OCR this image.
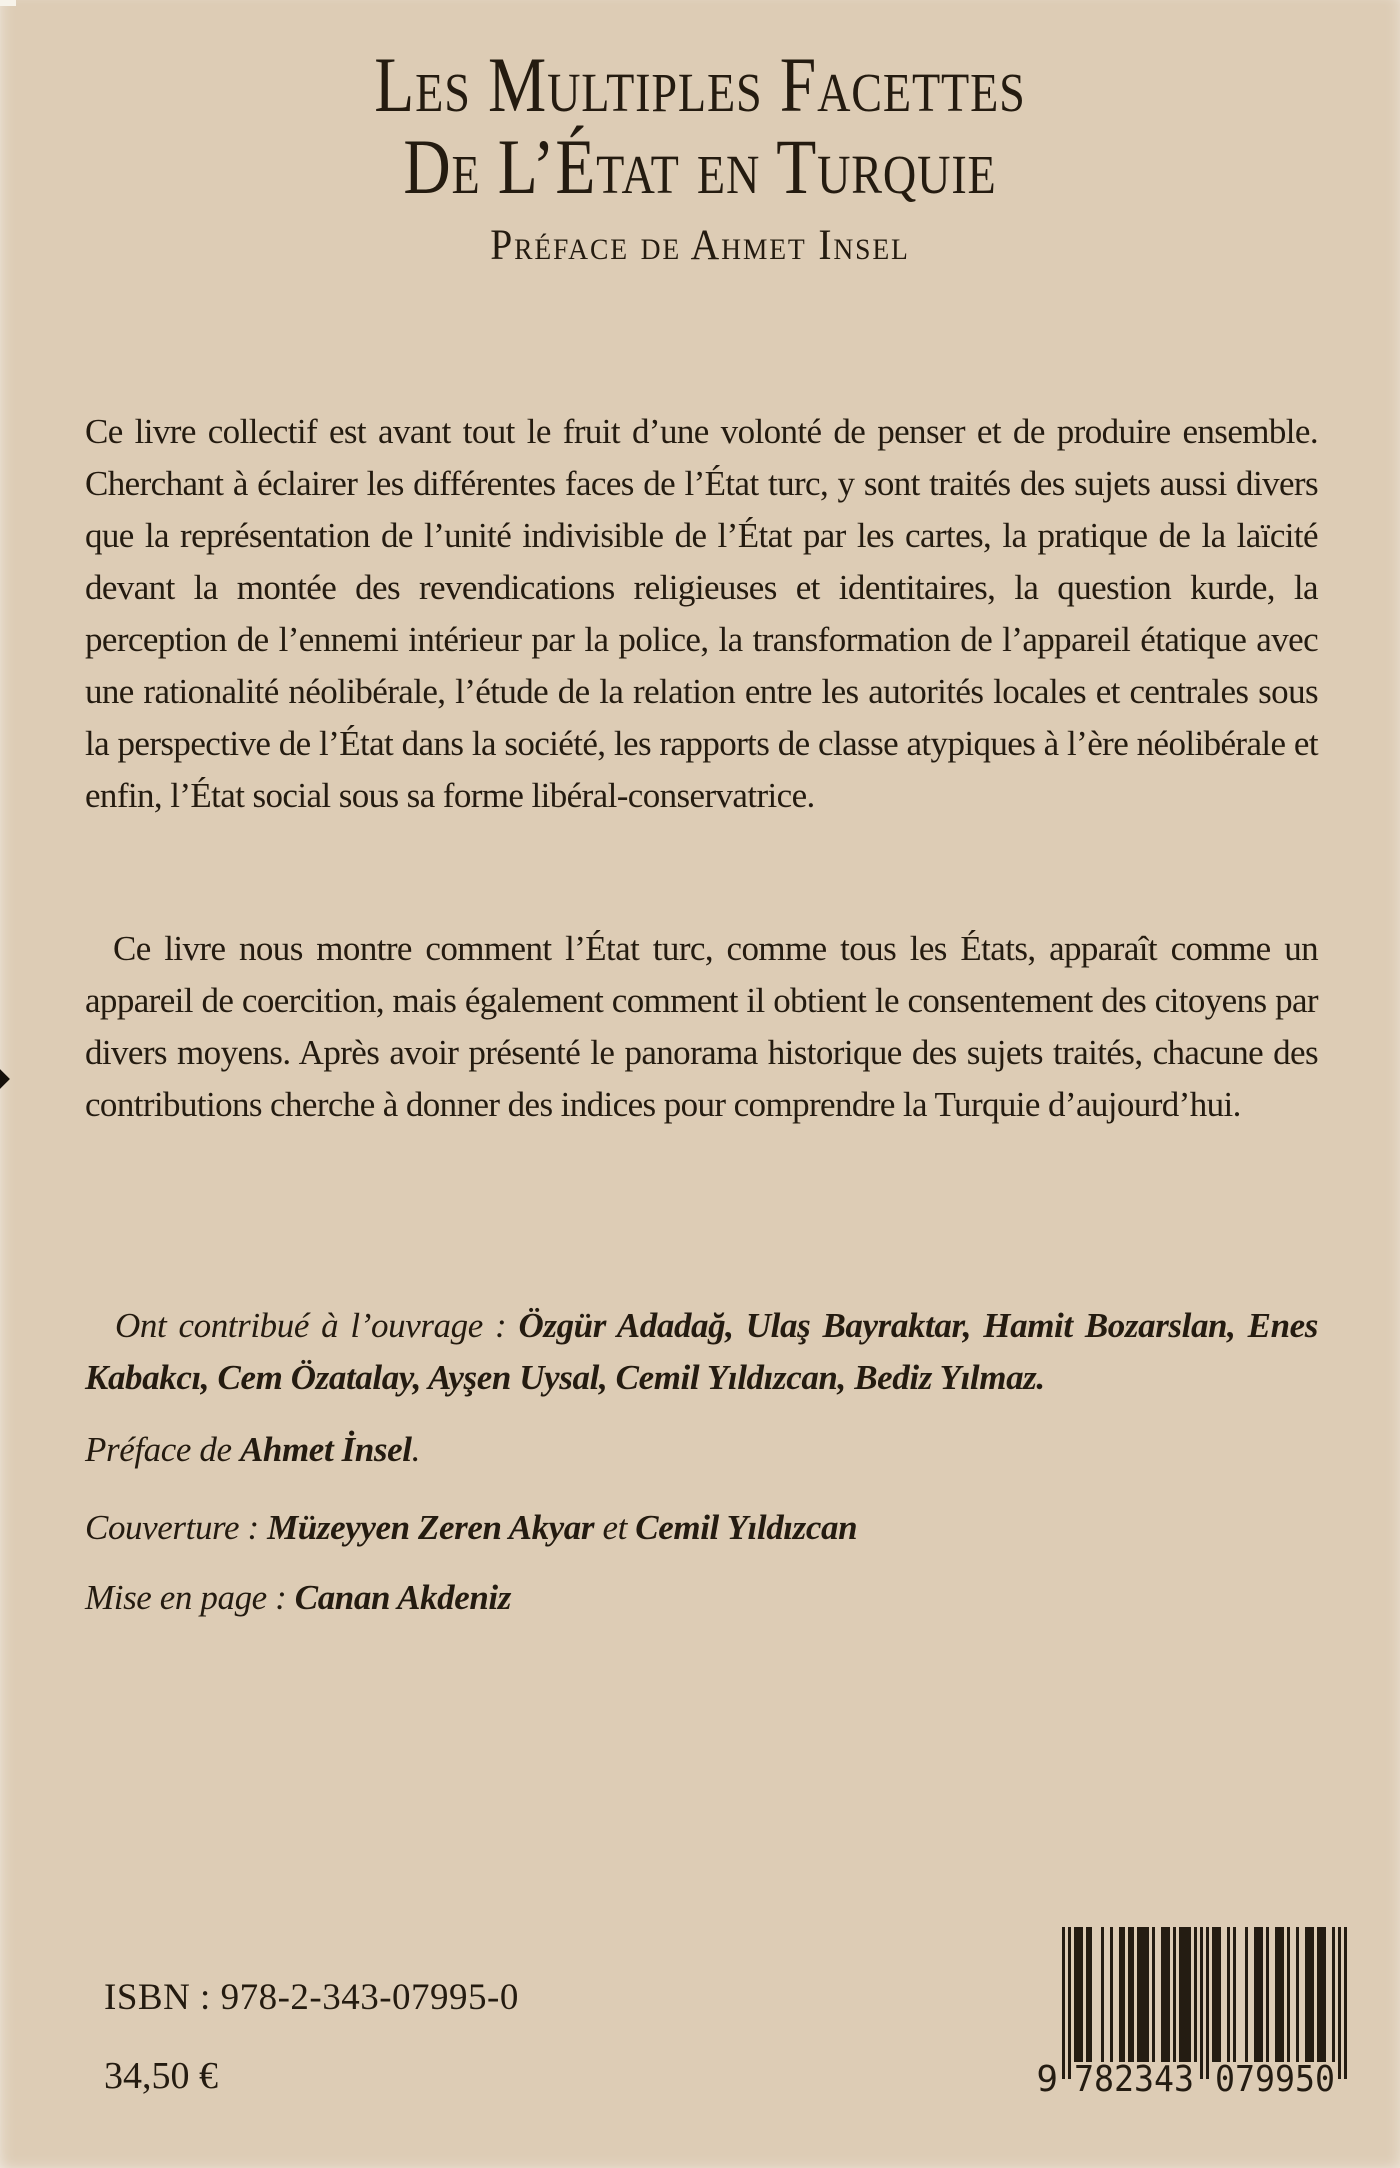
Les Multiples Facettes
De L’État en Turquie
Préface de Ahmet Insel

Ce livre collectif est avant tout le fruit d’une volonté de penser et de produire ensemble. Cherchant à éclairer les différentes faces de l’État turc, y sont traités des sujets aussi divers que la représentation de l’unité indivisible de l’État par les cartes, la pratique de la laïcité devant la montée des revendications religieuses et identitaires, la question kurde, la perception de l’ennemi intérieur par la police, la transformation de l’appareil étatique avec une rationalité néolibérale, l’étude de la relation entre les autorités locales et centrales sous la perspective de l’État dans la société, les rapports de classe atypiques à l’ère néolibérale et enfin, l’État social sous sa forme libéral-conservatrice.

Ce livre nous montre comment l’État turc, comme tous les États, apparaît comme un appareil de coercition, mais également comment il obtient le consentement des citoyens par divers moyens. Après avoir présenté le panorama historique des sujets traités, chacune des contributions cherche à donner des indices pour comprendre la Turquie d’aujourd’hui.

Ont contribué à l’ouvrage : Özgür Adadağ, Ulaş Bayraktar, Hamit Bozarslan, Enes Kabakcı, Cem Özatalay, Ayşen Uysal, Cemil Yıldızcan, Bediz Yılmaz.
Préface de Ahmet İnsel.
Couverture : Müzeyyen Zeren Akyar et Cemil Yıldızcan
Mise en page : Canan Akdeniz
ISBN : 978-2-343-07995-0
34,50 €	9 782343 079950
